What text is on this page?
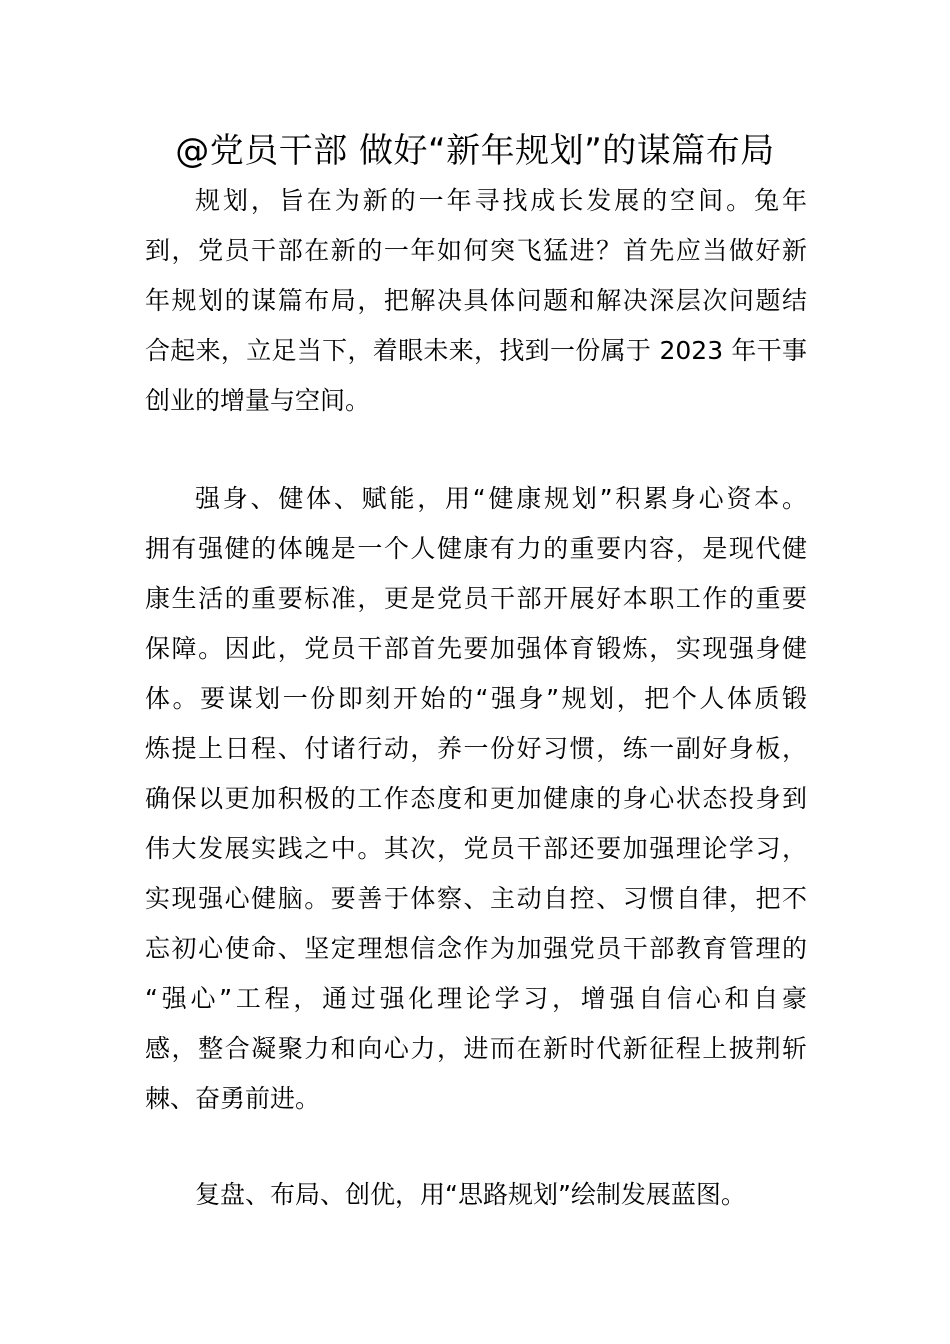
@党员干部 做好“新年规划”的谋篇布局
规划，旨在为新的一年寻找成长发展的空间。兔年
到，党员干部在新的一年如何突飞猛进？首先应当做好新
年规划的谋篇布局，把解决具体问题和解决深层次问题结
合起来，立足当下，着眼未来，找到一份属于 2023 年干事
创业的增量与空间。
强身、健体、赋能，用“健康规划”积累身心资本。
拥有强健的体魄是一个人健康有力的重要内容，是现代健
康生活的重要标准，更是党员干部开展好本职工作的重要
保障。因此，党员干部首先要加强体育锻炼，实现强身健
体。要谋划一份即刻开始的“强身”规划，把个人体质锻
炼提上日程、付诸行动，养一份好习惯，练一副好身板，
确保以更加积极的工作态度和更加健康的身心状态投身到
伟大发展实践之中。其次，党员干部还要加强理论学习，
实现强心健脑。要善于体察、主动自控、习惯自律，把不
忘初心使命、坚定理想信念作为加强党员干部教育管理的
“强心”工程，通过强化理论学习，增强自信心和自豪
感，整合凝聚力和向心力，进而在新时代新征程上披荆斩
棘、奋勇前进。
复盘、布局、创优，用“思路规划”绘制发展蓝图。
